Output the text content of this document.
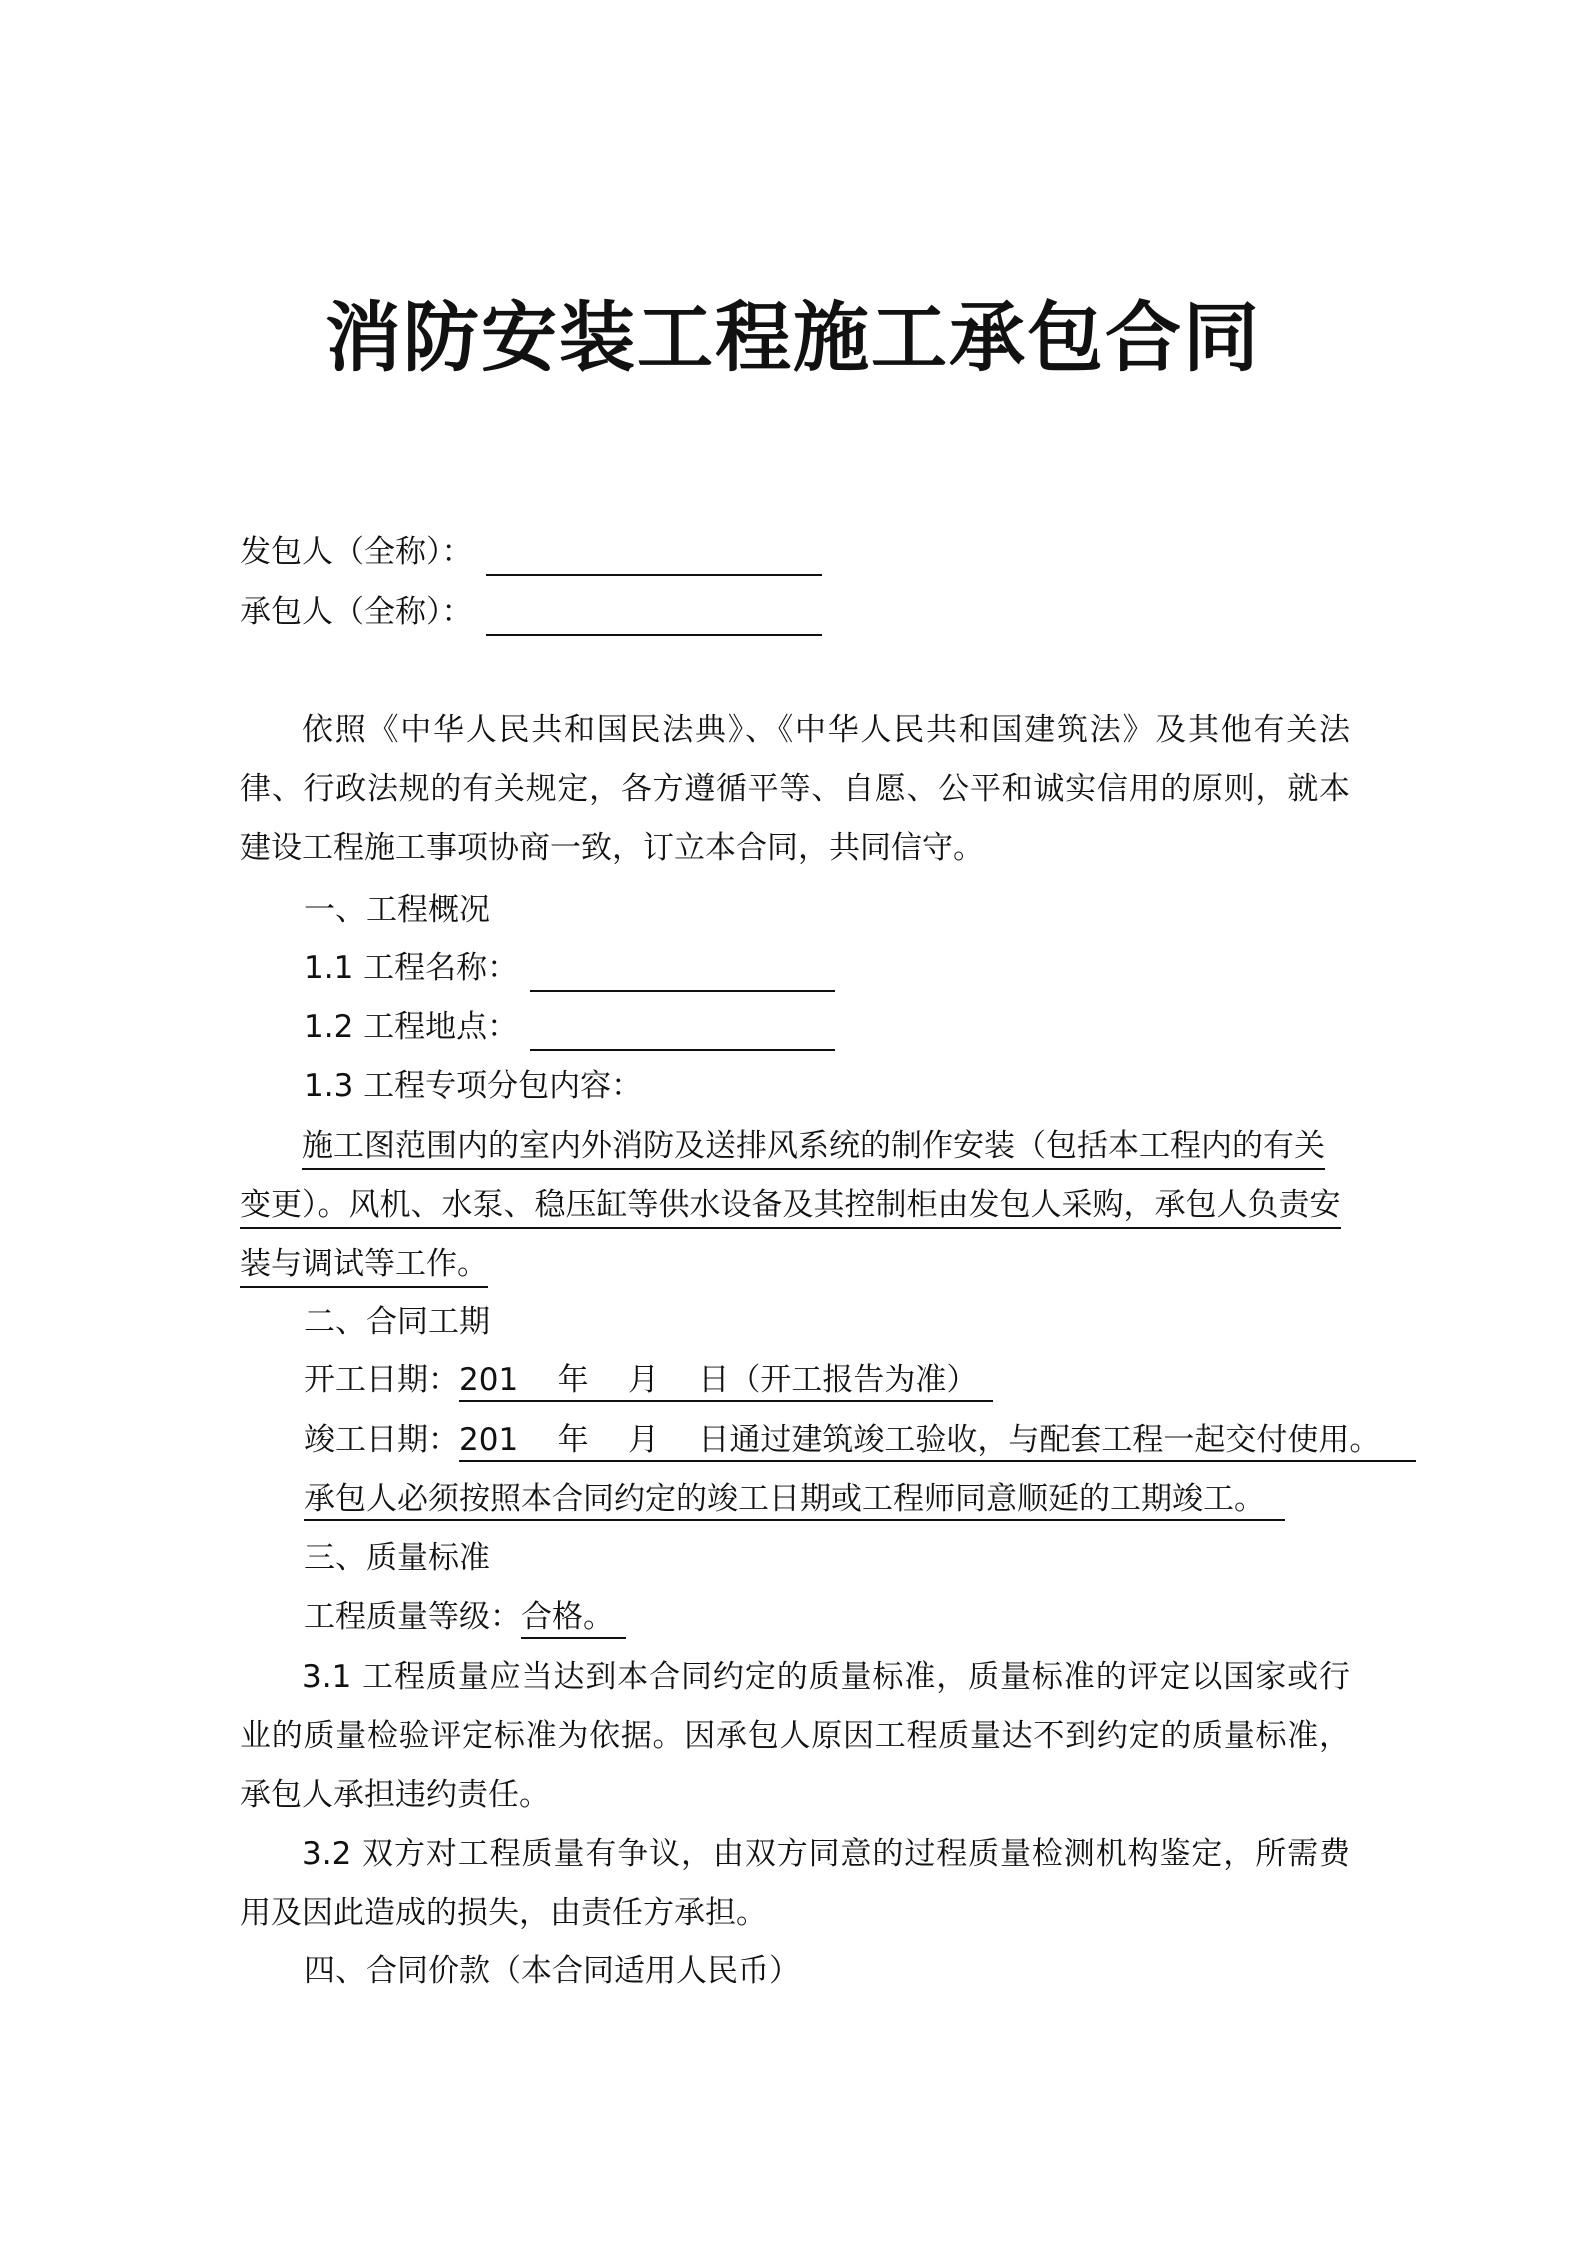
消防安装工程施工承包合同
发包人（全称）：
承包人（全称）：

依照《中华人民共和国民法典》、《中华人民共和国建筑法》及其他有关法律、行政法规的有关规定，各方遵循平等、自愿、公平和诚实信用的原则，就本建设工程施工事项协商一致，订立本合同，共同信守。

一、工程概况
1.1 工程名称：
1.2 工程地点：
1.3 工程专项分包内容：

施工图范围内的室内外消防及送排风系统的制作安装（包括本工程内的有关变更）。风机、水泵、稳压缸等供水设备及其控制柜由发包人采购，承包人负责安装与调试等工作。

二、合同工期
开工日期：201    年    月    日（开工报告为准）
竣工日期：201    年    月    日通过建筑竣工验收，与配套工程一起交付使用。
承包人必须按照本合同约定的竣工日期或工程师同意顺延的工期竣工。
三、质量标准
工程质量等级：合格。

3.1 工程质量应当达到本合同约定的质量标准，质量标准的评定以国家或行业的质量检验评定标准为依据。因承包人原因工程质量达不到约定的质量标准，承包人承担违约责任。

3.2 双方对工程质量有争议，由双方同意的过程质量检测机构鉴定，所需费用及因此造成的损失，由责任方承担。

四、合同价款（本合同适用人民币）
